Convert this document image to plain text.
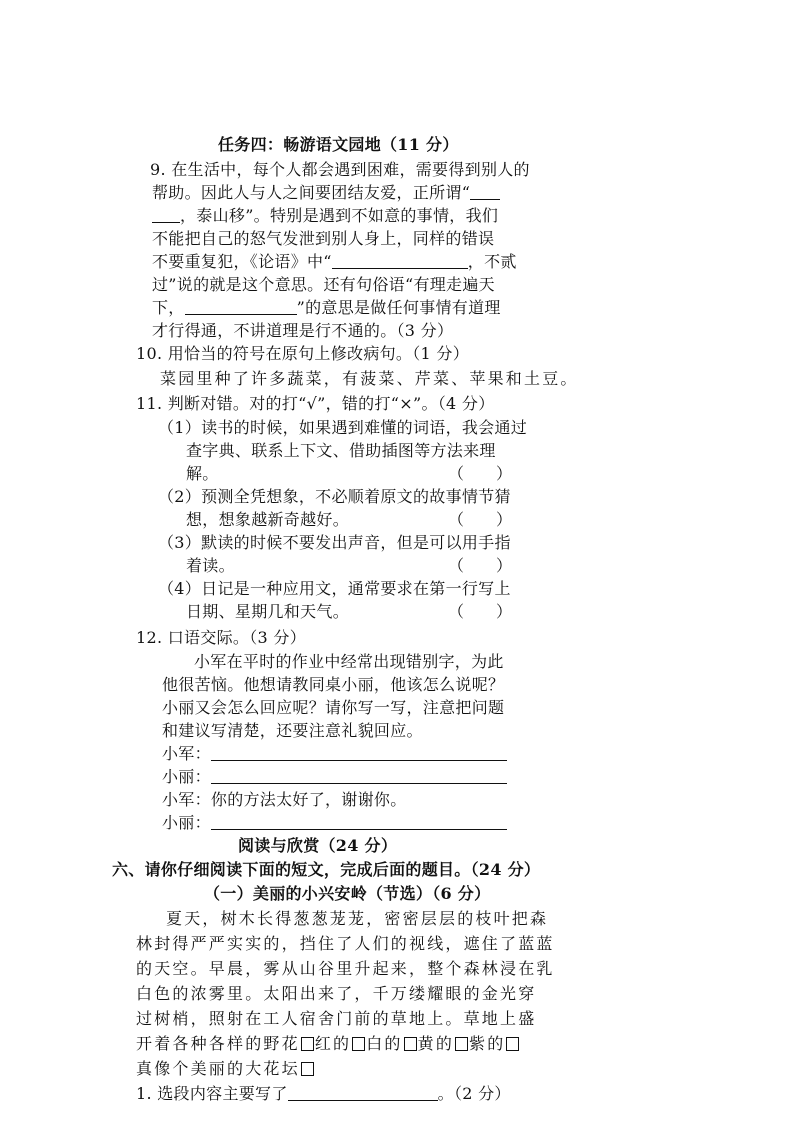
任务四：畅游语文园地（11 分）
9. 在生活中，每个人都会遇到困难，需要得到别人的
帮助。因此人与人之间要团结友爱，正所谓“
，泰山移”。特别是遇到不如意的事情，我们
不能把自己的怒气发泄到别人身上，同样的错误
不要重复犯，《论语》中“	，不贰
过”说的就是这个意思。还有句俗语“有理走遍天
下，	”的意思是做任何事情有道理
才行得通，不讲道理是行不通的。（3 分）
10. 用恰当的符号在原句上修改病句。（1 分）
菜园里种了许多蔬菜，有菠菜、芹菜、苹果和土豆。
11. 判断对错。对的打“√”，错的打“×”。（4 分）
（1）读书的时候，如果遇到难懂的词语，我会通过
查字典、联系上下文、借助插图等方法来理
解。	（　　）
（2）预测全凭想象，不必顺着原文的故事情节猜
想，想象越新奇越好。	（　　）
（3）默读的时候不要发出声音，但是可以用手指
着读。	（　　）
（4）日记是一种应用文，通常要求在第一行写上
日期、星期几和天气。	（　　）
12. 口语交际。（3 分）
小军在平时的作业中经常出现错别字，为此
他很苦恼。他想请教同桌小丽，他该怎么说呢？
小丽又会怎么回应呢？请你写一写，注意把问题
和建议写清楚，还要注意礼貌回应。
小军：
小丽：
小军：你的方法太好了，谢谢你。
小丽：
阅读与欣赏（24 分）
六、请你仔细阅读下面的短文，完成后面的题目。（24 分）
（一）美丽的小兴安岭（节选）（6 分）
夏天，树木长得葱葱茏茏，密密层层的枝叶把森
林封得严严实实的，挡住了人们的视线，遮住了蓝蓝
的天空。早晨，雾从山谷里升起来，整个森林浸在乳
白色的浓雾里。太阳出来了，千万缕耀眼的金光穿
过树梢，照射在工人宿舍门前的草地上。草地上盛
开着各种各样的野花 红的 白的 黄的 紫的
真像个美丽的大花坛
1. 选段内容主要写了	。（2 分）
